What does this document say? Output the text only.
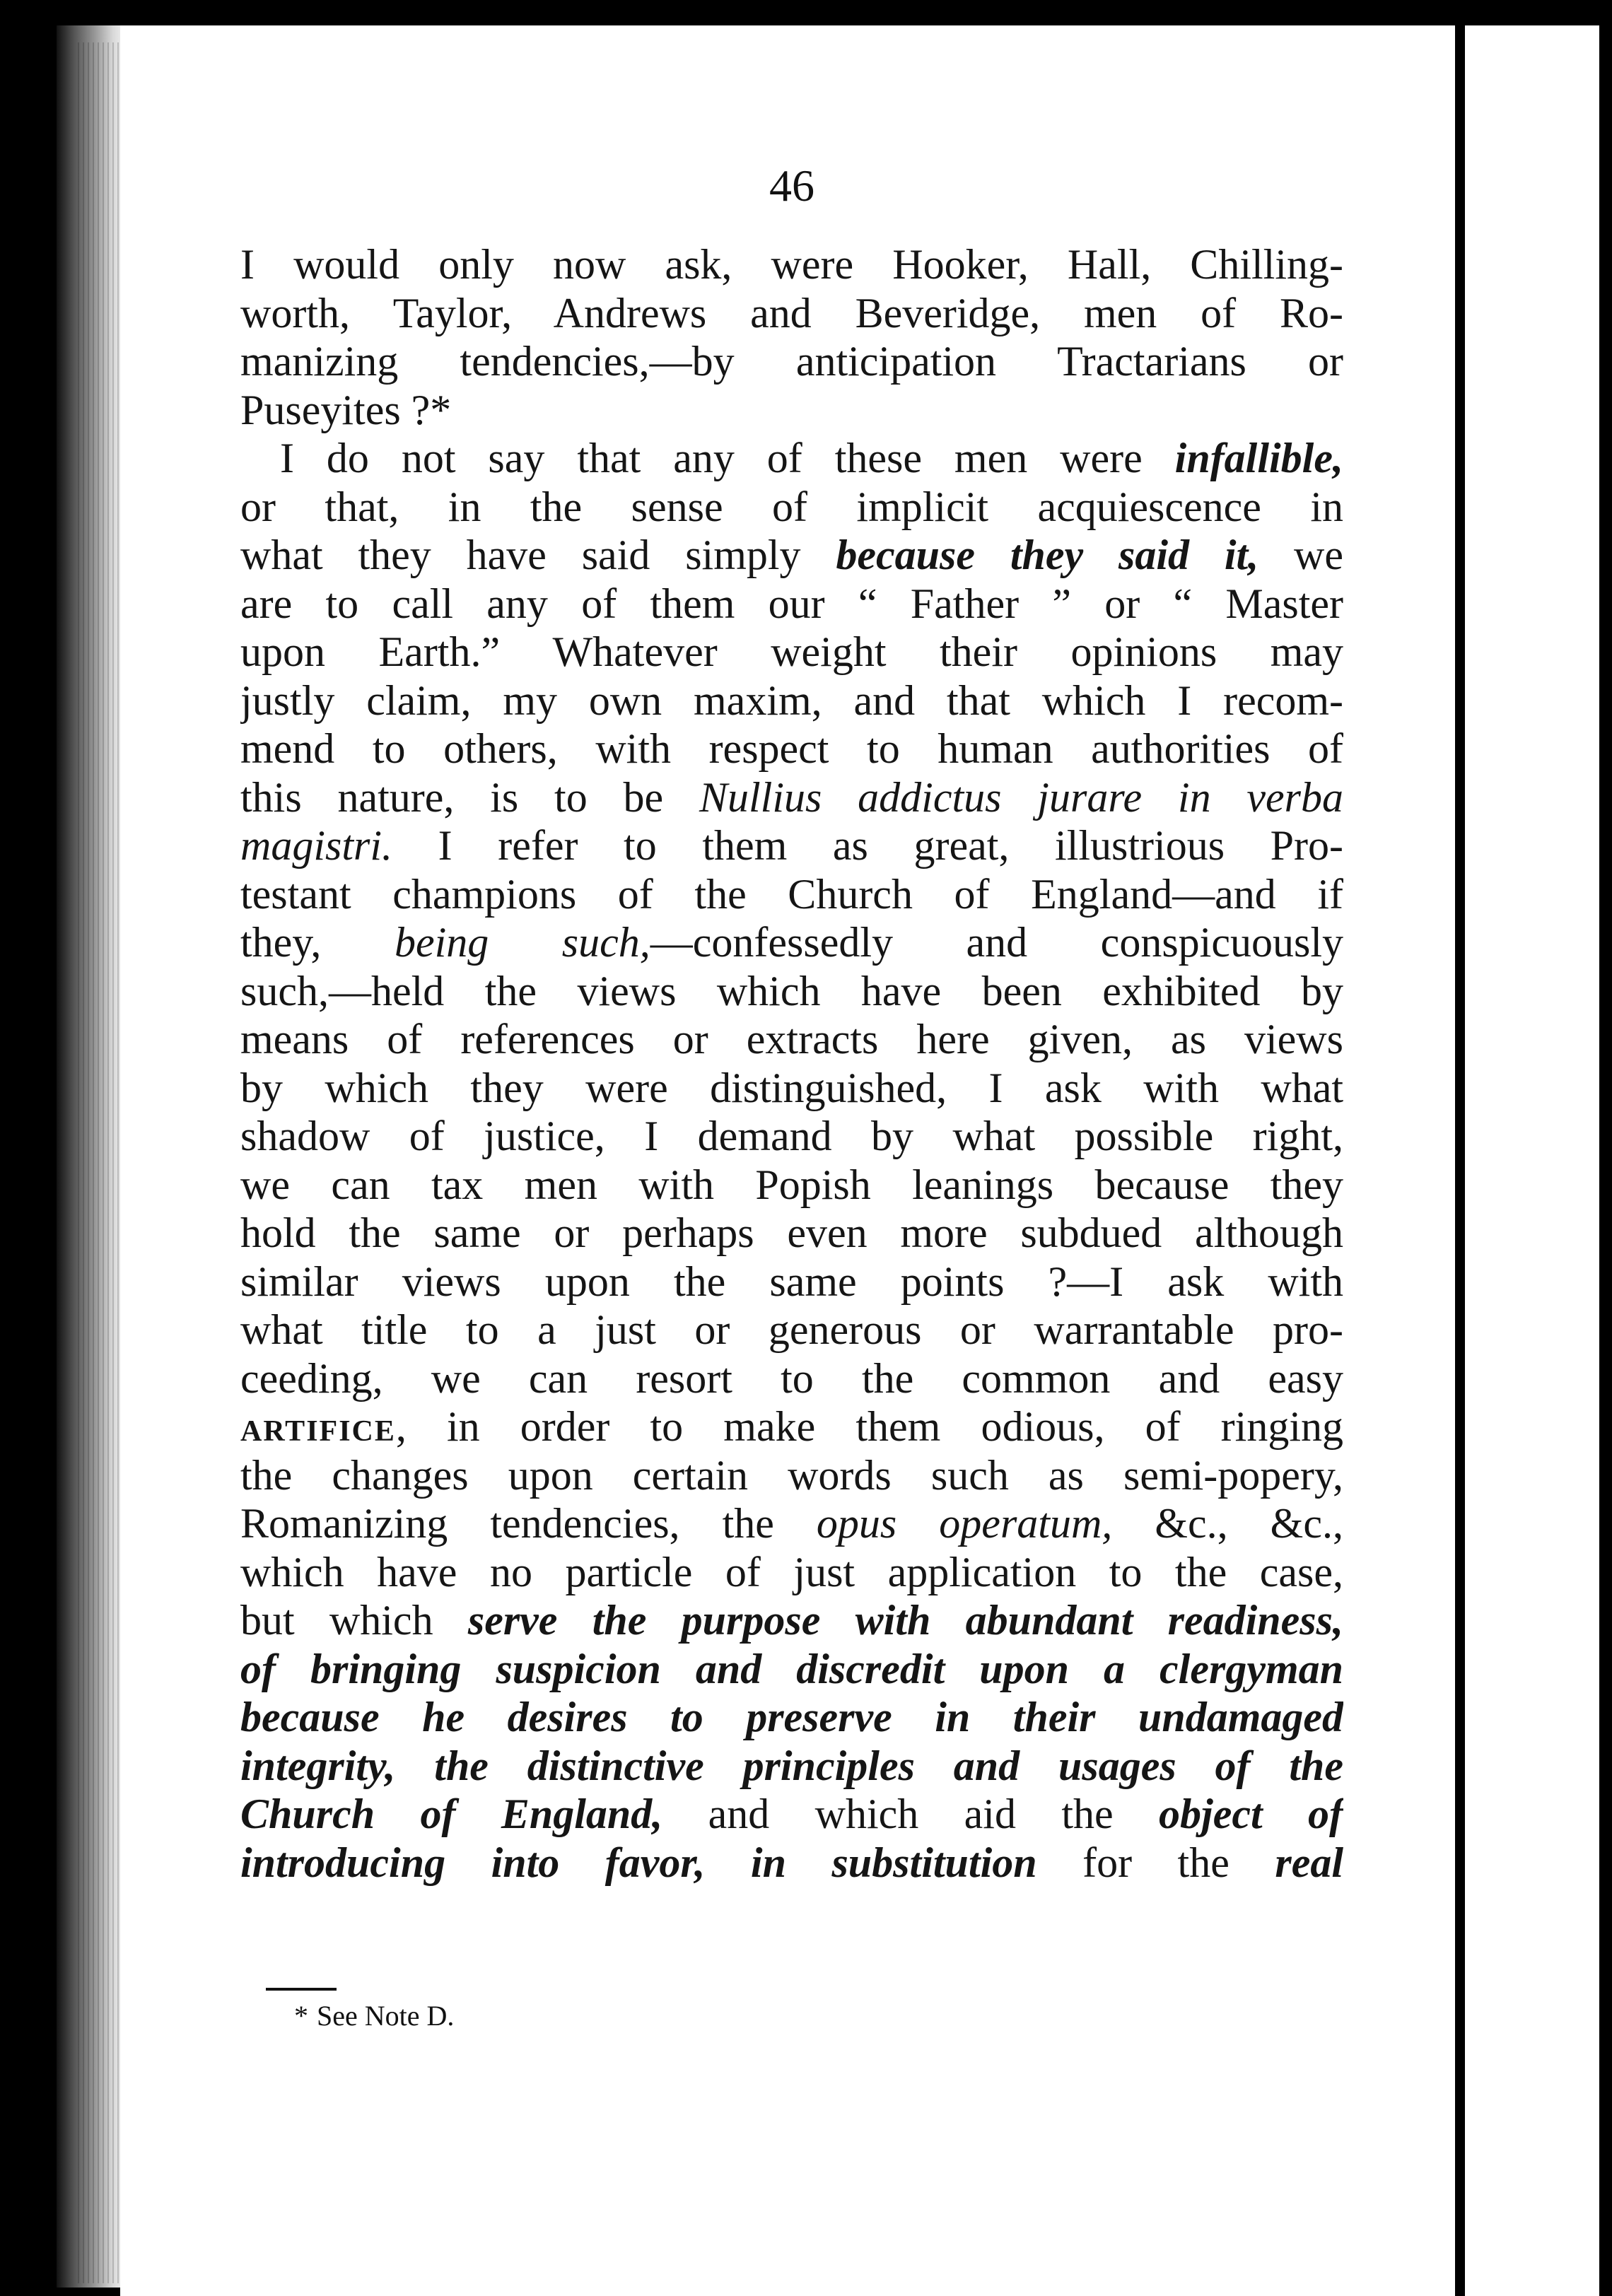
46

I would only now ask, were Hooker, Hall, Chilling-
worth, Taylor, Andrews and Beveridge, men of Ro-
manizing tendencies,—by anticipation Tractarians or
Puseyites ?*
I do not say that any of these men were infallible,
or that, in the sense of implicit acquiescence in
what they have said simply because they said it, we
are to call any of them our “ Father ” or “ Master
upon Earth.” Whatever weight their opinions may
justly claim, my own maxim, and that which I recom-
mend to others, with respect to human authorities of
this nature, is to be Nullius addictus jurare in verba
magistri. I refer to them as great, illustrious Pro-
testant champions of the Church of England—and if
they, being such,—confessedly and conspicuously
such,—held the views which have been exhibited by
means of references or extracts here given, as views
by which they were distinguished, I ask with what
shadow of justice, I demand by what possible right,
we can tax men with Popish leanings because they
hold the same or perhaps even more subdued although
similar views upon the same points ?—I ask with
what title to a just or generous or warrantable pro-
ceeding, we can resort to the common and easy
artifice, in order to make them odious, of ringing
the changes upon certain words such as semi-popery,
Romanizing tendencies, the opus operatum, &c., &c.,
which have no particle of just application to the case,
but which serve the purpose with abundant readiness,
of bringing suspicion and discredit upon a clergyman
because he desires to preserve in their undamaged
integrity, the distinctive principles and usages of the
Church of England, and which aid the object of
introducing into favor, in substitution for the real

* See Note D.
